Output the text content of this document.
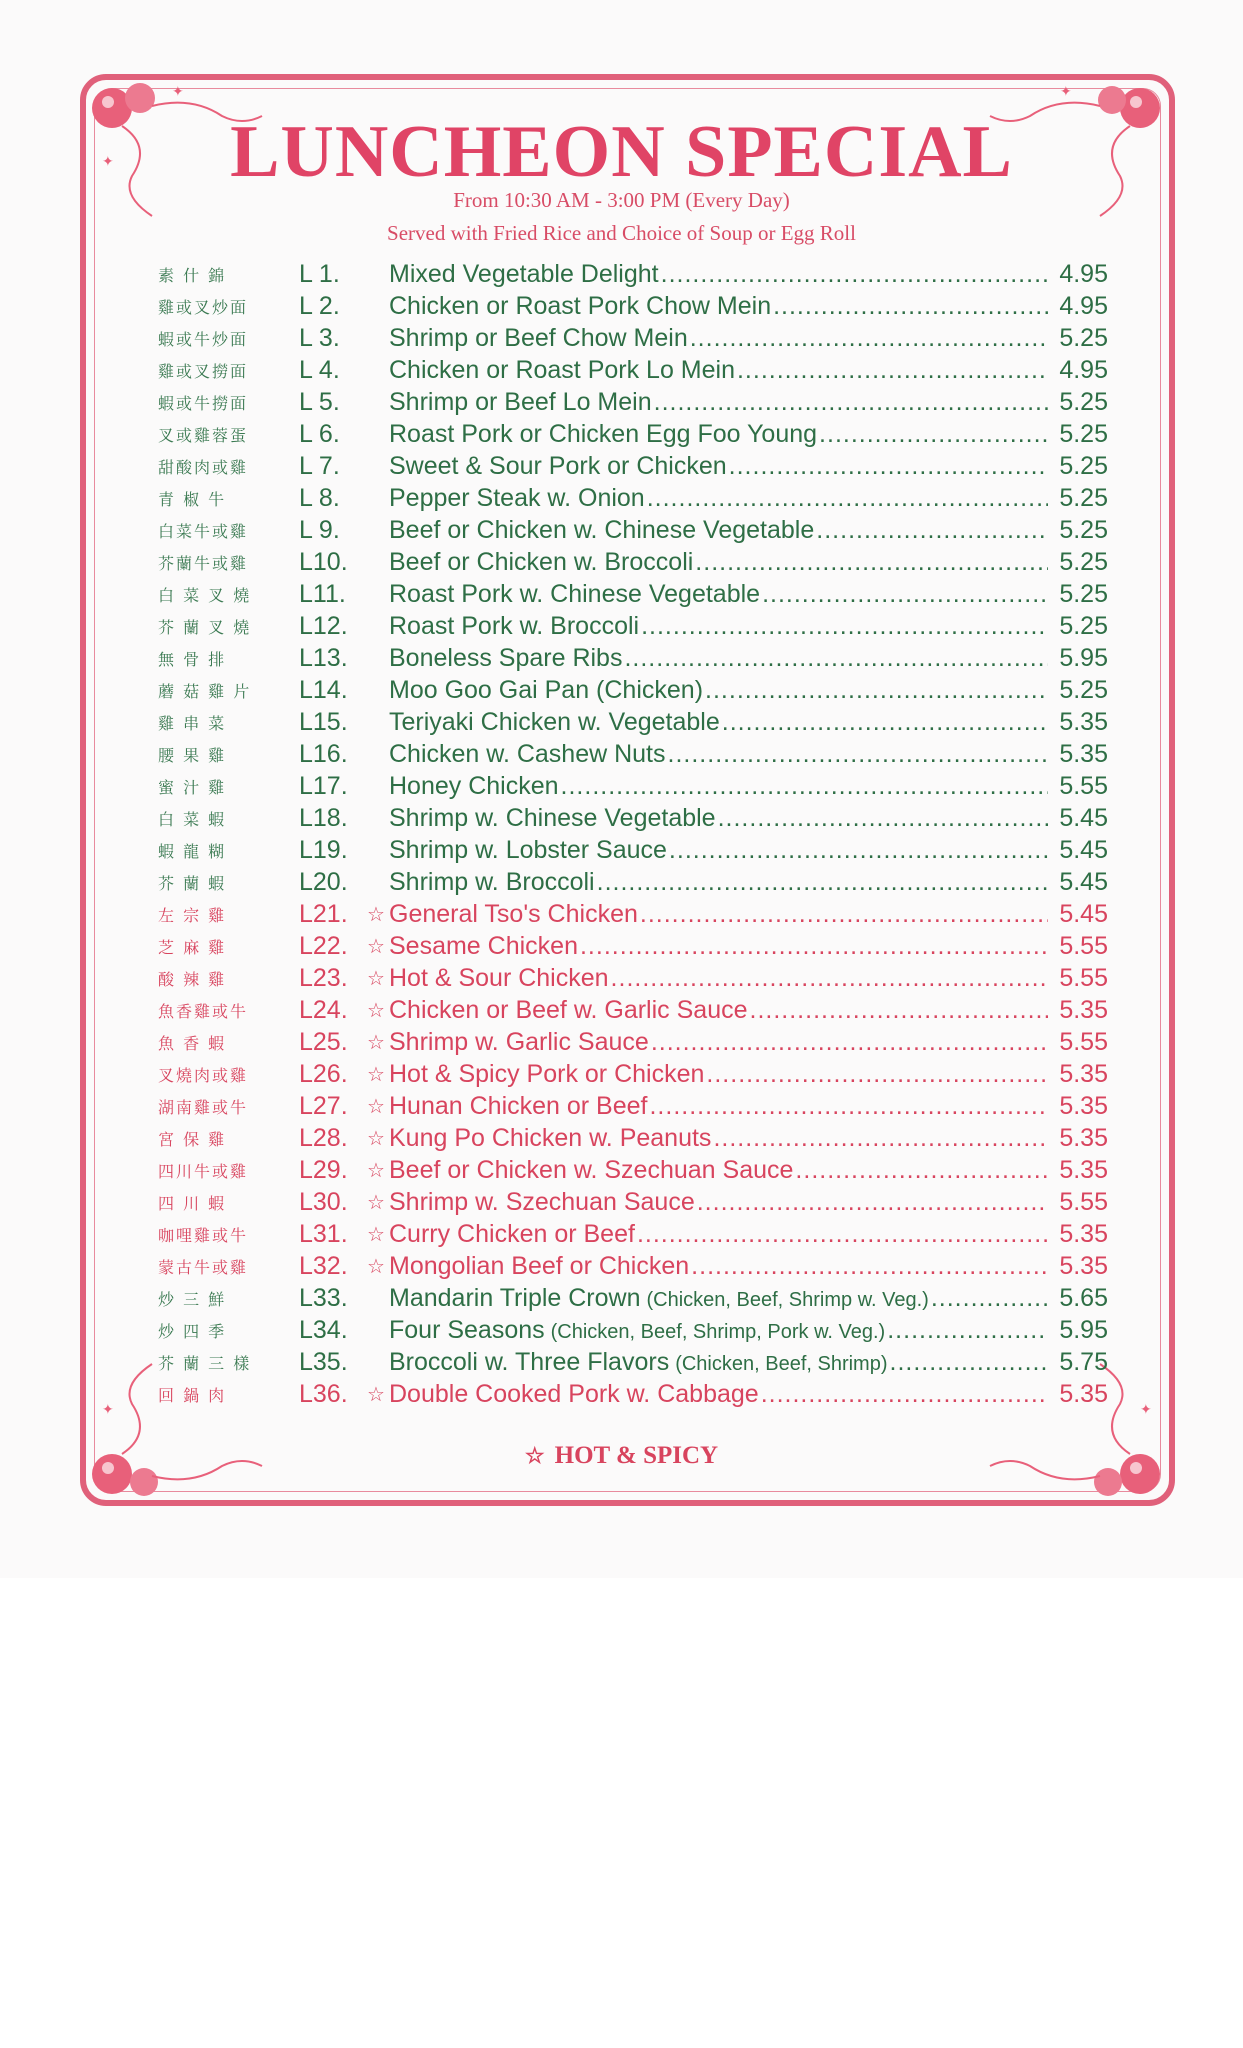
✦
✦
✦
✦	✦
LUNCHEON SPECIAL
From 10:30 AM - 3:00 PM (Every Day)
Served with Fried Rice and Choice of Soup or Egg Roll
素 什 錦	L 1.	Mixed Vegetable Delight .....	4.95
雞或叉炒面	L 2.	Chicken or Roast Pork Chow Mein .....	4.95
蝦或牛炒面	L 3.	Shrimp or Beef Chow Mein .....	5.25
雞或叉撈面	L 4.	Chicken or Roast Pork Lo Mein .....	4.95
蝦或牛撈面	L 5.	Shrimp or Beef Lo Mein .....	5.25
叉或雞蓉蛋	L 6.	Roast Pork or Chicken Egg Foo Young .....	5.25
甜酸肉或雞	L 7.	Sweet & Sour Pork or Chicken .....	5.25
青 椒 牛	L 8.	Pepper Steak w. Onion .....	5.25
白菜牛或雞	L 9.	Beef or Chicken w. Chinese Vegetable .....	5.25
芥蘭牛或雞	L10.	Beef or Chicken w. Broccoli .....	5.25
白 菜 叉 燒	L11.	Roast Pork w. Chinese Vegetable .....	5.25
芥 蘭 叉 燒	L12.	Roast Pork w. Broccoli .....	5.25
無 骨 排	L13.	Boneless Spare Ribs .....	5.95
蘑 菇 雞 片	L14.	Moo Goo Gai Pan (Chicken) .....	5.25
雞 串 菜	L15.	Teriyaki Chicken w. Vegetable .....	5.35
腰 果 雞	L16.	Chicken w. Cashew Nuts .....	5.35
蜜 汁 雞	L17.	Honey Chicken .....	5.55
白 菜 蝦	L18.	Shrimp w. Chinese Vegetable .....	5.45
蝦 龍 糊	L19.	Shrimp w. Lobster Sauce .....	5.45
芥 蘭 蝦	L20.	Shrimp w. Broccoli .....	5.45
左 宗 雞	L21. ☆ General Tso's Chicken .....	5.45
芝 麻 雞	L22. ☆ Sesame Chicken .....	5.55
酸 辣 雞	L23. ☆ Hot & Sour Chicken .....	5.55
魚香雞或牛	L24. ☆ Chicken or Beef w. Garlic Sauce .....	5.35
魚 香 蝦	L25. ☆ Shrimp w. Garlic Sauce .....	5.55
叉燒肉或雞	L26. ☆ Hot & Spicy Pork or Chicken .....	5.35
湖南雞或牛	L27. ☆ Hunan Chicken or Beef .....	5.35
宮 保 雞	L28. ☆ Kung Po Chicken w. Peanuts .....	5.35
四川牛或雞	L29. ☆ Beef or Chicken w. Szechuan Sauce .....	5.35
四 川 蝦	L30. ☆ Shrimp w. Szechuan Sauce .....	5.55
咖哩雞或牛	L31. ☆ Curry Chicken or Beef .....	5.35
蒙古牛或雞	L32. ☆ Mongolian Beef or Chicken .....	5.35
炒 三 鮮	L33.	Mandarin Triple Crown (Chicken, Beef, Shrimp w. Veg.) .....	5.65
炒 四 季	L34.	Four Seasons (Chicken, Beef, Shrimp, Pork w. Veg.) .....	5.95
芥 蘭 三 樣	L35.	Broccoli w. Three Flavors (Chicken, Beef, Shrimp) .....	5.75
回 鍋 肉	L36. ☆ Double Cooked Pork w. Cabbage .....	5.35
☆ HOT & SPICY
